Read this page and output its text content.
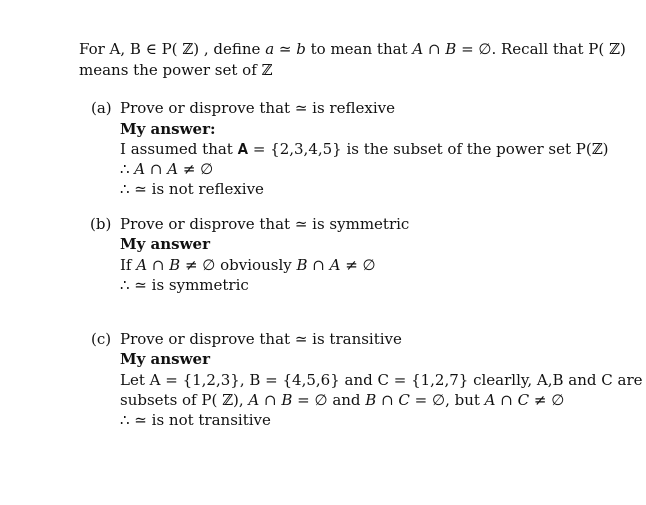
For A, B ∈ P( ℤ) , define 𝑎 ≃ 𝑏 to mean that 𝐴 ∩ 𝐵 = ∅. Recall that P( ℤ)
means the power set of ℤ
(a) Prove or disprove that ≃ is reflexive
My answer:
I assumed that 𝐀 = {2,3,4,5} is the subset of the power set P(ℤ)
∴ 𝐴 ∩ 𝐴 ≠ ∅
∴ ≃ is not reflexive
(b) Prove or disprove that ≃ is symmetric
My answer
If 𝐴 ∩ 𝐵 ≠ ∅ obviously 𝐵 ∩ 𝐴 ≠ ∅
∴ ≃ is symmetric
(c) Prove or disprove that ≃ is transitive
My answer
Let A = {1,2,3}, B = {4,5,6} and C = {1,2,7} clearlly, A,B and C are
subsets of P( ℤ), 𝐴 ∩ 𝐵 = ∅ and 𝐵 ∩ 𝐶 = ∅, but 𝐴 ∩ 𝐶 ≠ ∅
∴ ≃ is not transitive
